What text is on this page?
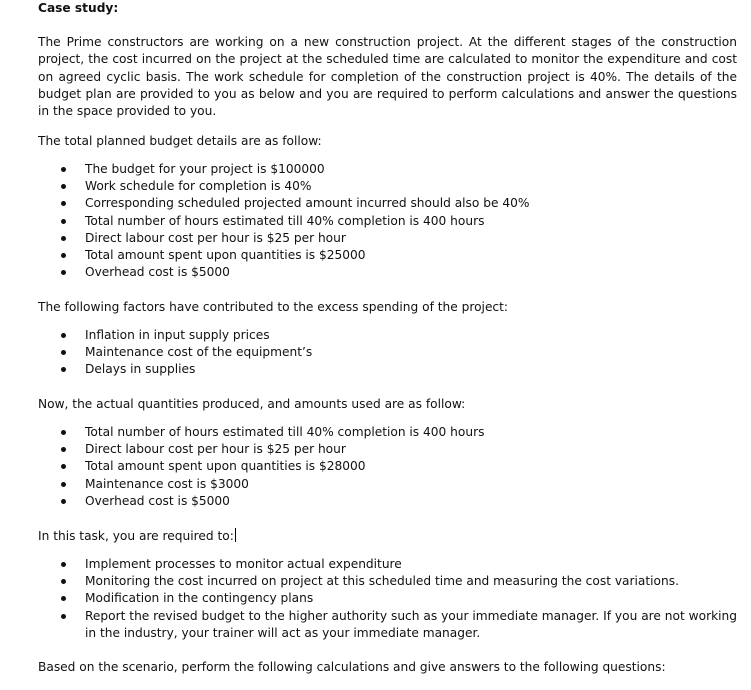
Case study:

The Prime constructors are working on a new construction project. At the different stages of the construction project, the cost incurred on the project at the scheduled time are calculated to monitor the expenditure and cost on agreed cyclic basis. The work schedule for completion of the construction project is 40%. The details of the budget plan are provided to you as below and you are required to perform calculations and answer the questions in the space provided to you.

The total planned budget details are as follow:
The budget for your project is $100000
Work schedule for completion is 40%
Corresponding scheduled projected amount incurred should also be 40%
Total number of hours estimated till 40% completion is 400 hours
Direct labour cost per hour is $25 per hour
Total amount spent upon quantities is $25000
Overhead cost is $5000
The following factors have contributed to the excess spending of the project:
Inflation in input supply prices
Maintenance cost of the equipment’s
Delays in supplies
Now, the actual quantities produced, and amounts used are as follow:
Total number of hours estimated till 40% completion is 400 hours
Direct labour cost per hour is $25 per hour
Total amount spent upon quantities is $28000
Maintenance cost is $3000
Overhead cost is $5000
In this task, you are required to:
Implement processes to monitor actual expenditure
Monitoring the cost incurred on project at this scheduled time and measuring the cost variations.
Modification in the contingency plans
Report the revised budget to the higher authority such as your immediate manager. If you are not working in the industry, your trainer will act as your immediate manager.
Based on the scenario, perform the following calculations and give answers to the following questions:
